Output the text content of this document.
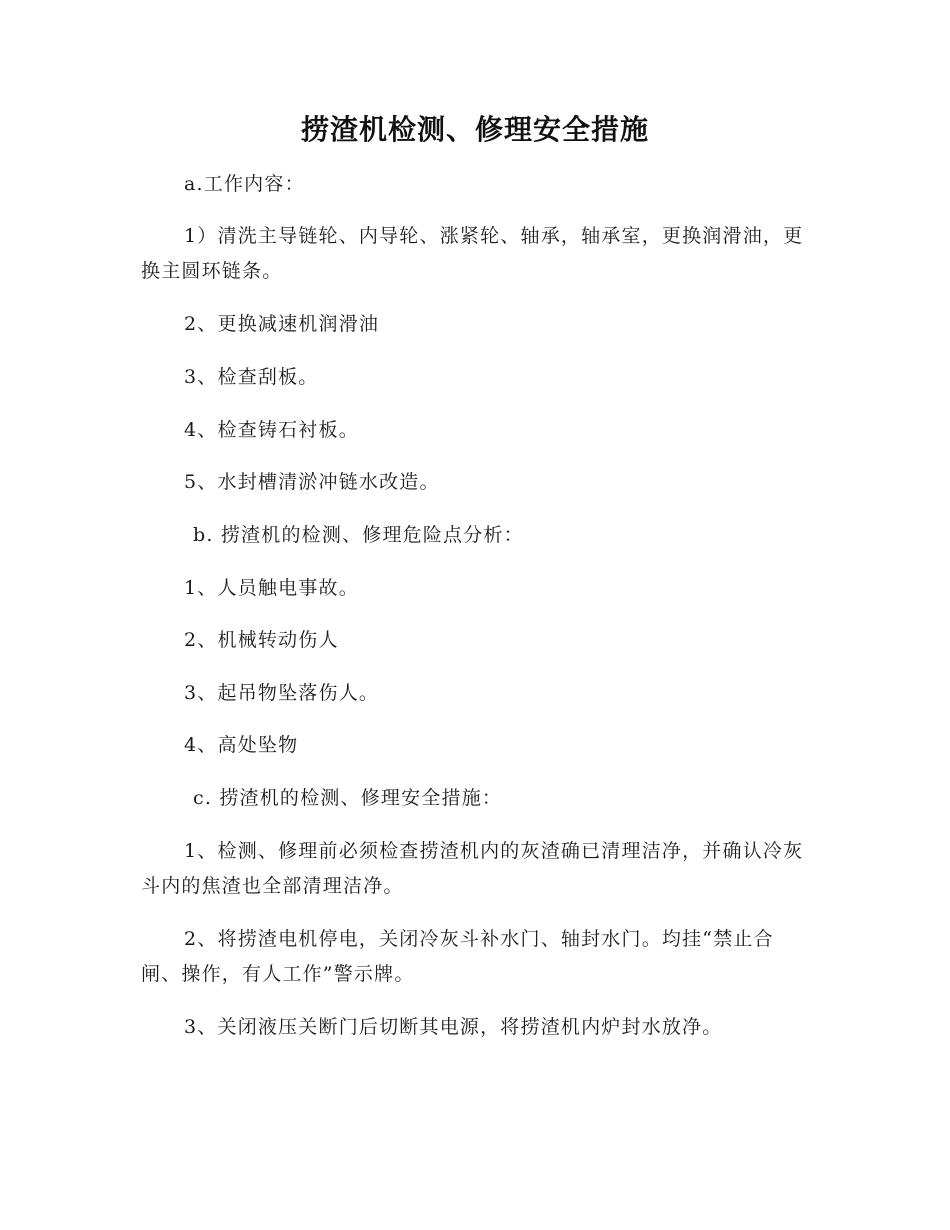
捞渣机检测、修理安全措施

a.工作内容：

1）清洗主导链轮、内导轮、涨紧轮、轴承，轴承室，更换润滑油，更换主圆环链条。

2、更换减速机润滑油

3、检查刮板。

4、检查铸石衬板。

5、水封槽清淤冲链水改造。

b. 捞渣机的检测、修理危险点分析：

1、人员触电事故。

2、机械转动伤人

3、起吊物坠落伤人。

4、高处坠物

c. 捞渣机的检测、修理安全措施：

1、检测、修理前必须检查捞渣机内的灰渣确已清理洁净，并确认冷灰斗内的焦渣也全部清理洁净。

2、将捞渣电机停电，关闭冷灰斗补水门、轴封水门。均挂“禁止合闸、操作，有人工作”警示牌。

3、关闭液压关断门后切断其电源，将捞渣机内炉封水放净。
